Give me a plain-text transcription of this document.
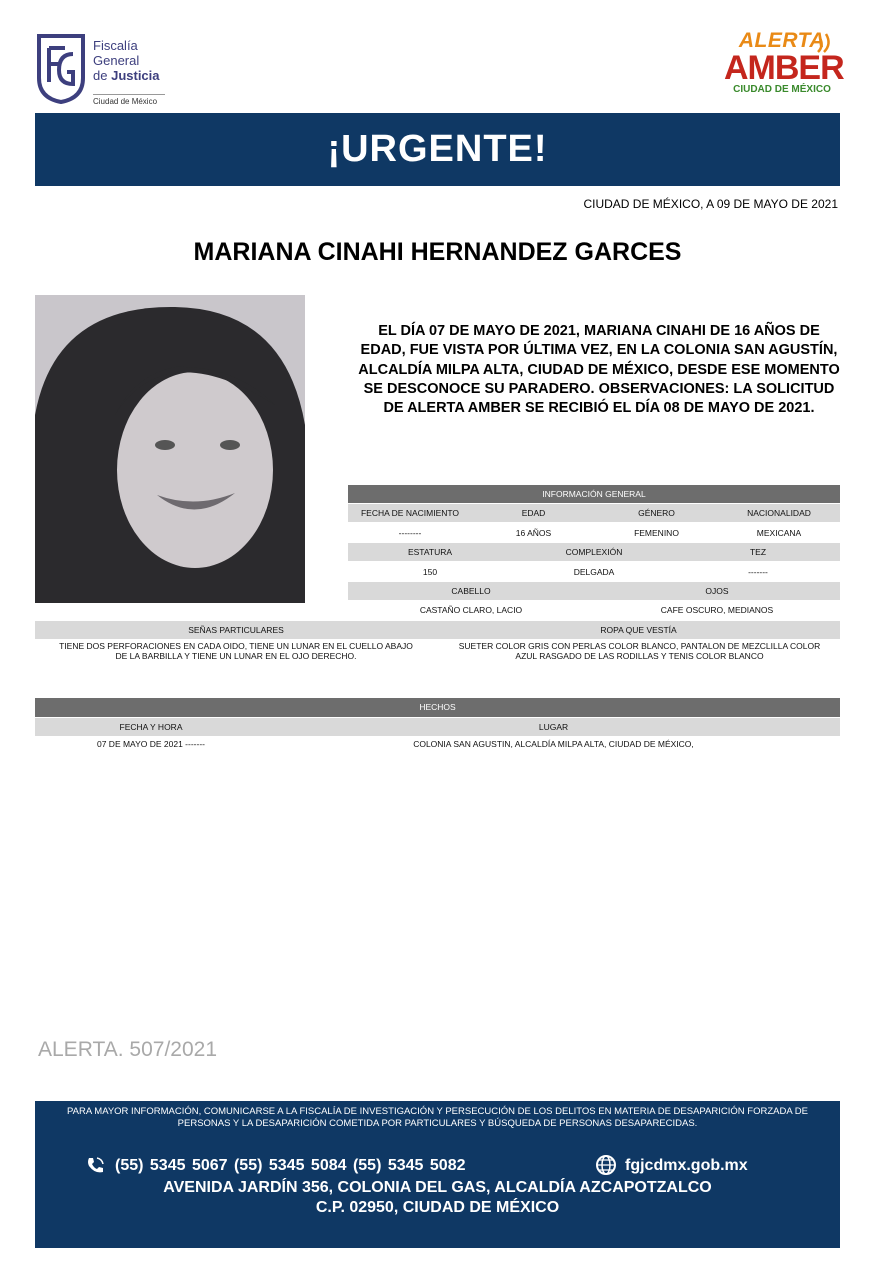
Fiscalía
General
de Justicia
Ciudad de México
ALERTA
AMBER
CIUDAD DE MÉXICO
¡URGENTE!
CIUDAD DE MÉXICO, A 09 DE MAYO DE 2021
MARIANA CINAHI HERNANDEZ GARCES
EL DÍA 07 DE MAYO DE 2021, MARIANA CINAHI DE 16 AÑOS DE EDAD, FUE VISTA POR ÚLTIMA VEZ, EN LA COLONIA SAN AGUSTÍN, ALCALDÍA MILPA ALTA, CIUDAD DE MÉXICO, DESDE ESE MOMENTO SE DESCONOCE SU PARADERO. OBSERVACIONES: LA SOLICITUD DE ALERTA AMBER SE RECIBIÓ EL DÍA 08 DE MAYO DE 2021.
INFORMACIÓN GENERAL
FECHA DE NACIMIENTO	EDAD	GÉNERO	NACIONALIDAD
--------	16 AÑOS	FEMENINO	MEXICANA
ESTATURA	COMPLEXIÓN	TEZ
150	DELGADA	-------
CABELLO	OJOS
CASTAÑO CLARO, LACIO	CAFE OSCURO, MEDIANOS
SEÑAS PARTICULARES	ROPA QUE VESTÍA
TIENE DOS PERFORACIONES EN CADA OIDO, TIENE UN LUNAR EN EL CUELLO ABAJO DE LA BARBILLA Y TIENE UN LUNAR EN EL OJO DERECHO.
SUETER COLOR GRIS CON PERLAS COLOR BLANCO, PANTALON DE MEZCLILLA COLOR AZUL RASGADO DE LAS RODILLAS Y TENIS COLOR BLANCO
HECHOS
FECHA Y HORA	LUGAR
07 DE MAYO DE 2021 -------	COLONIA SAN AGUSTIN, ALCALDÍA MILPA ALTA, CIUDAD DE MÉXICO,
ALERTA. 507/2021
PARA MAYOR INFORMACIÓN, COMUNICARSE A LA FISCALÍA DE INVESTIGACIÓN Y PERSECUCIÓN DE LOS DELITOS EN MATERIA DE DESAPARICIÓN FORZADA DE PERSONAS Y LA DESAPARICIÓN COMETIDA POR PARTICULARES Y BÚSQUEDA DE PERSONAS DESAPARECIDAS.
(55) 5345 5067 (55) 5345 5084 (55) 5345 5082	fgjcdmx.gob.mx
AVENIDA JARDÍN 356, COLONIA DEL GAS, ALCALDÍA AZCAPOTZALCO
C.P. 02950, CIUDAD DE MÉXICO
